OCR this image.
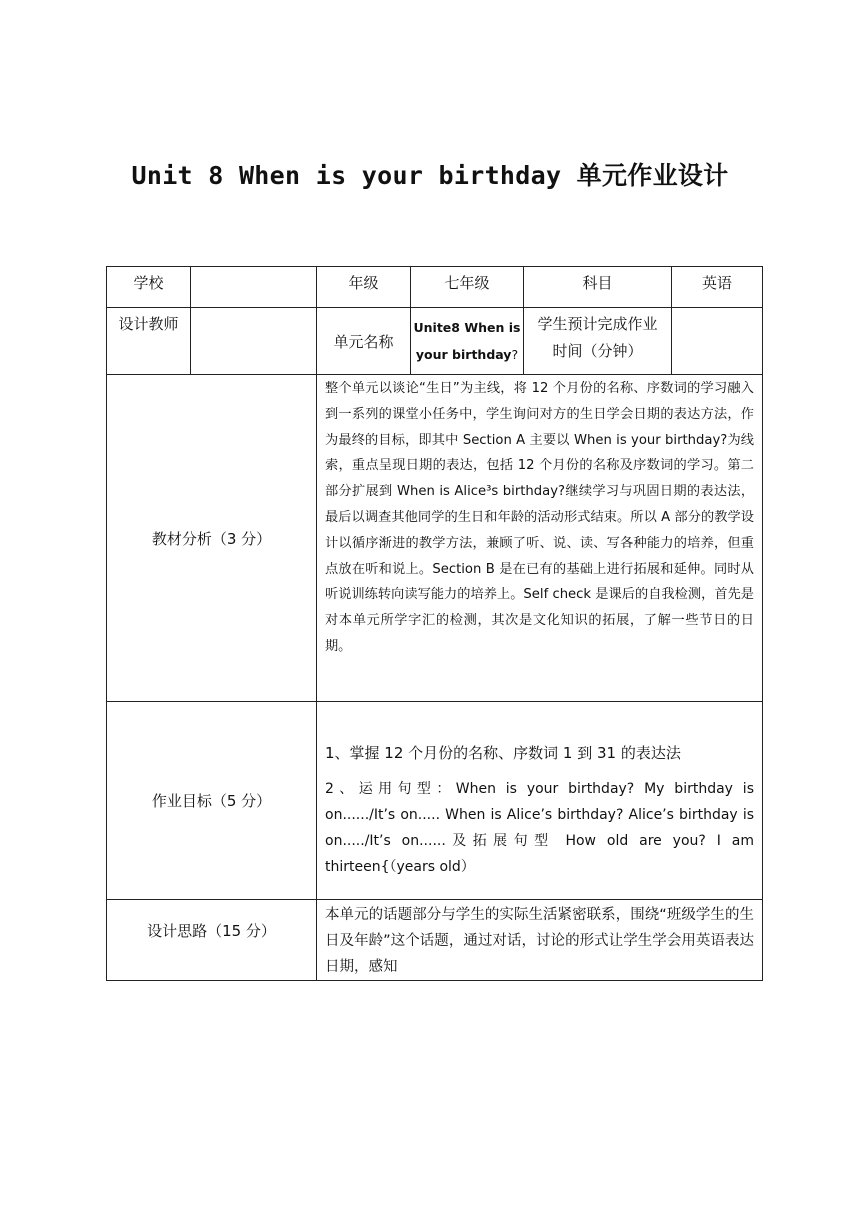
Unit 8 When is your birthday 单元作业设计
学校		年级	七年级	科目	英语

设计教师		单元名称	Unite8 When is your birthday?	学生预计完成作业时间（分钟）	

教材分析（3 分）		整个单元以谈论“生日”为主线，将 12 个月份的名称、序数词的学习融入到一系列的课堂小任务中，学生询问对方的生日学会日期的表达方法，作为最终的目标，即其中 Section A 主要以 When is your birthday?为线索，重点呈现日期的表达，包括 12 个月份的名称及序数词的学习。第二部分扩展到 When is Alice³s birthday?继续学习与巩固日期的表达法，最后以调查其他同学的生日和年龄的活动形式结束。所以 A 部分的教学设计以循序渐进的教学方法，兼顾了听、说、读、写各种能力的培养，但重点放在听和说上。Section B 是在已有的基础上进行拓展和延伸。同时从听说训练转向读写能力的培养上。Self check 是课后的自我检测，首先是对本单元所学字汇的检测，其次是文化知识的拓展，了解一些节日的日期。			

作业目标（5 分）		1、掌握 12 个月份的名称、序数词 1 到 31 的表达法

2、运用句型：When is your birthday? My birthday is on....../It’s on..... When is Alice’s birthday? Alice’s birthday is on...../It’s on......及拓展句型 How old are you? I am thirteen{（years old）			

设计思路（15 分）		本单元的话题部分与学生的实际生活紧密联系，围绕“班级学生的生日及年龄”这个话题，通过对话，讨论的形式让学生学会用英语表达日期，感知			
